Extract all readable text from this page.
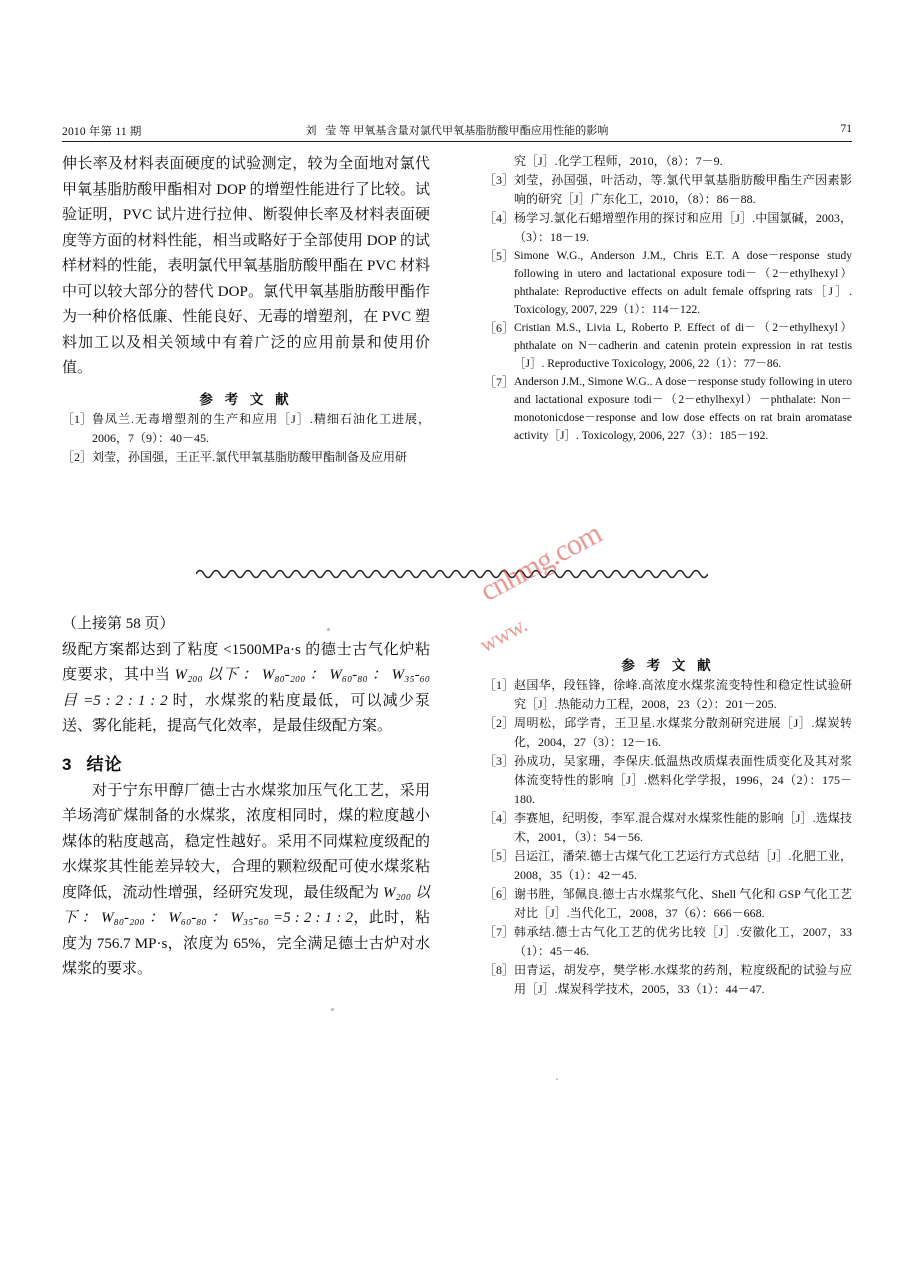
2010 年第 11 期	刘 莹等甲氧基含量对氯代甲氧基脂肪酸甲酯应用性能的影响	71
伸长率及材料表面硬度的试验测定，较为全面地对氯代甲氧基脂肪酸甲酯相对 DOP 的增塑性能进行了比较。试验证明，PVC 试片进行拉伸、断裂伸长率及材料表面硬度等方面的材料性能，相当或略好于全部使用 DOP 的试样材料的性能，表明氯代甲氧基脂肪酸甲酯在 PVC 材料中可以较大部分的替代 DOP。氯代甲氧基脂肪酸甲酯作为一种价格低廉、性能良好、无毒的增塑剂，在 PVC 塑料加工以及相关领域中有着广泛的应用前景和使用价值。
参 考 文 献
［1］ 鲁凤兰.无毒增塑剂的生产和应用［J］.精细石油化工进展，2006，7（9）：40－45.
［2］ 刘莹，孙国强，王正平.氯代甲氧基脂肪酸甲酯制备及应用研
究［J］.化学工程师，2010，（8）：7－9.
［3］ 刘莹，孙国强，叶活动，等.氯代甲氧基脂肪酸甲酯生产因素影响的研究［J］广东化工，2010，（8）：86－88.
［4］ 杨学习.氯化石蜡增塑作用的探讨和应用［J］.中国氯碱，2003，（3）：18－19.
［5］ Simone W.G., Anderson J.M., Chris E.T. A dose－response study following in utero and lactational exposure todi－（2－ethylhexyl）phthalate: Reproductive effects on adult female offspring rats［J］. Toxicology, 2007, 229（1）：114－122.
［6］ Cristian M.S., Livia L, Roberto P. Effect of di－（2－ethylhexyl）phthalate on N－cadherin and catenin protein expression in rat testis［J］. Reproductive Toxicology, 2006, 22（1）：77－86.
［7］ Anderson J.M., Simone W.G.. A dose－response study following in utero and lactational exposure todi－（2－ethylhexyl）－phthalate: Non－monotonicdose－response and low dose effects on rat brain aromatase activity［J］. Toxicology, 2006, 227（3）：185－192.
www.
cnhmg.com
（上接第 58 页）
级配方案都达到了粘度 <1500MPa·s 的德士古气化炉粘度要求，其中当 W₂₀₀ 以下 ： W₈₀-₂₀₀ ： W₆₀-₈₀ ： W₃₅-₆₀ 目 =5 : 2 : 1 : 2 时，水煤浆的粘度最低，可以减少泵送、雾化能耗，提高气化效率，是最佳级配方案。
3 结论
对于宁东甲醇厂德士古水煤浆加压气化工艺，采用羊场湾矿煤制备的水煤浆，浓度相同时，煤的粒度越小煤体的粘度越高，稳定性越好。采用不同煤粒度级配的水煤浆其性能差异较大，合理的颗粒级配可使水煤浆粘度降低，流动性增强，经研究发现，最佳级配为 W₂₀₀ 以下 ： W₈₀-₂₀₀ ： W₆₀-₈₀ ： W₃₅-₆₀ =5 : 2 : 1 : 2，此时，粘度为 756.7 MP·s，浓度为 65%，完全满足德士古炉对水煤浆的要求。
参 考 文 献
［1］ 赵国华，段钰锋，徐峰.高浓度水煤浆流变特性和稳定性试验研究［J］.热能动力工程，2008，23（2）：201－205.
［2］ 周明松，邱学青，王卫星.水煤浆分散剂研究进展［J］.煤炭转化，2004，27（3）：12－16.
［3］ 孙成功，吴家珊，李保庆.低温热改质煤表面性质变化及其对浆体流变特性的影响［J］.燃料化学学报，1996，24（2）：175－180.
［4］ 李赛旭，纪明俊，李军.混合煤对水煤浆性能的影响［J］.选煤技术，2001，（3）：54－56.
［5］ 吕运江，潘荣.德士古煤气化工艺运行方式总结［J］.化肥工业，2008，35（1）：42－45.
［6］ 谢书胜，邹佩良.德士古水煤浆气化、Shell 气化和 GSP 气化工艺对比［J］.当代化工，2008，37（6）：666－668.
［7］ 韩承结.德士古气化工艺的优劣比较［J］.安徽化工，2007，33（1）：45－46.
［8］ 田青运，胡发亭，樊学彬.水煤浆的药剂，粒度级配的试验与应用［J］.煤炭科学技术，2005，33（1）：44－47.
